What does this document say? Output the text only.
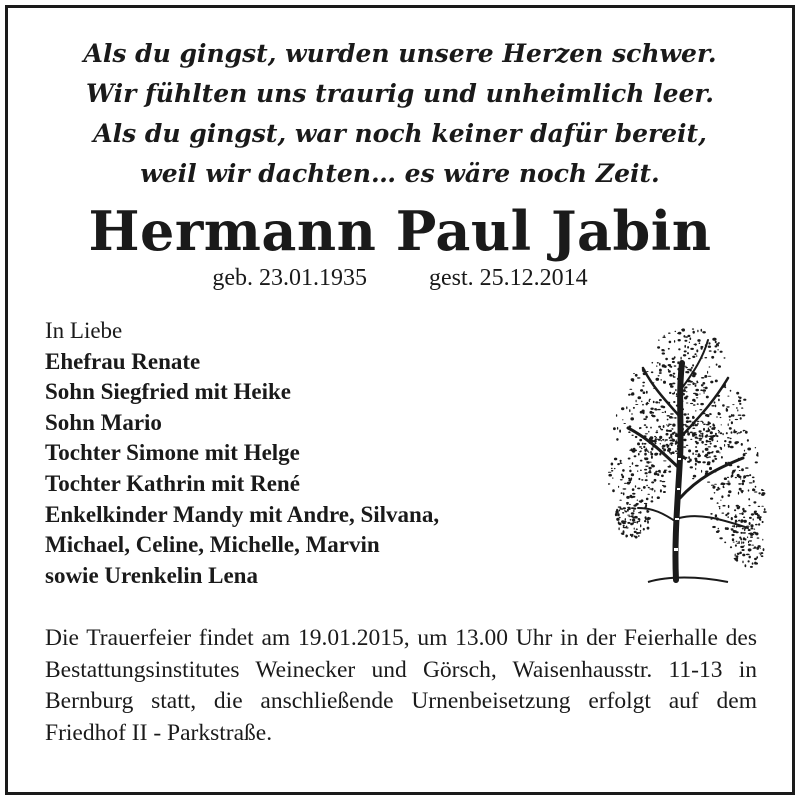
Als du gingst, wurden unsere Herzen schwer.
Wir fühlten uns traurig und unheimlich leer.
Als du gingst, war noch keiner dafür bereit,
weil wir dachten… es wäre noch Zeit.
Hermann Paul Jabin
geb. 23.01.1935	gest. 25.12.2014
In Liebe
Ehefrau Renate
Sohn Siegfried mit Heike
Sohn Mario
Tochter Simone mit Helge
Tochter Kathrin mit René
Enkelkinder Mandy mit Andre, Silvana,
Michael, Celine, Michelle, Marvin
sowie Urenkelin Lena
Die Trauerfeier findet am 19.01.2015, um 13.00 Uhr in der Feierhalle des Bestattungsinstitutes Weinecker und Görsch, Waisenhausstr. 11-13 in Bernburg statt, die anschließende Urnenbeisetzung erfolgt auf dem Friedhof II - Parkstraße.
